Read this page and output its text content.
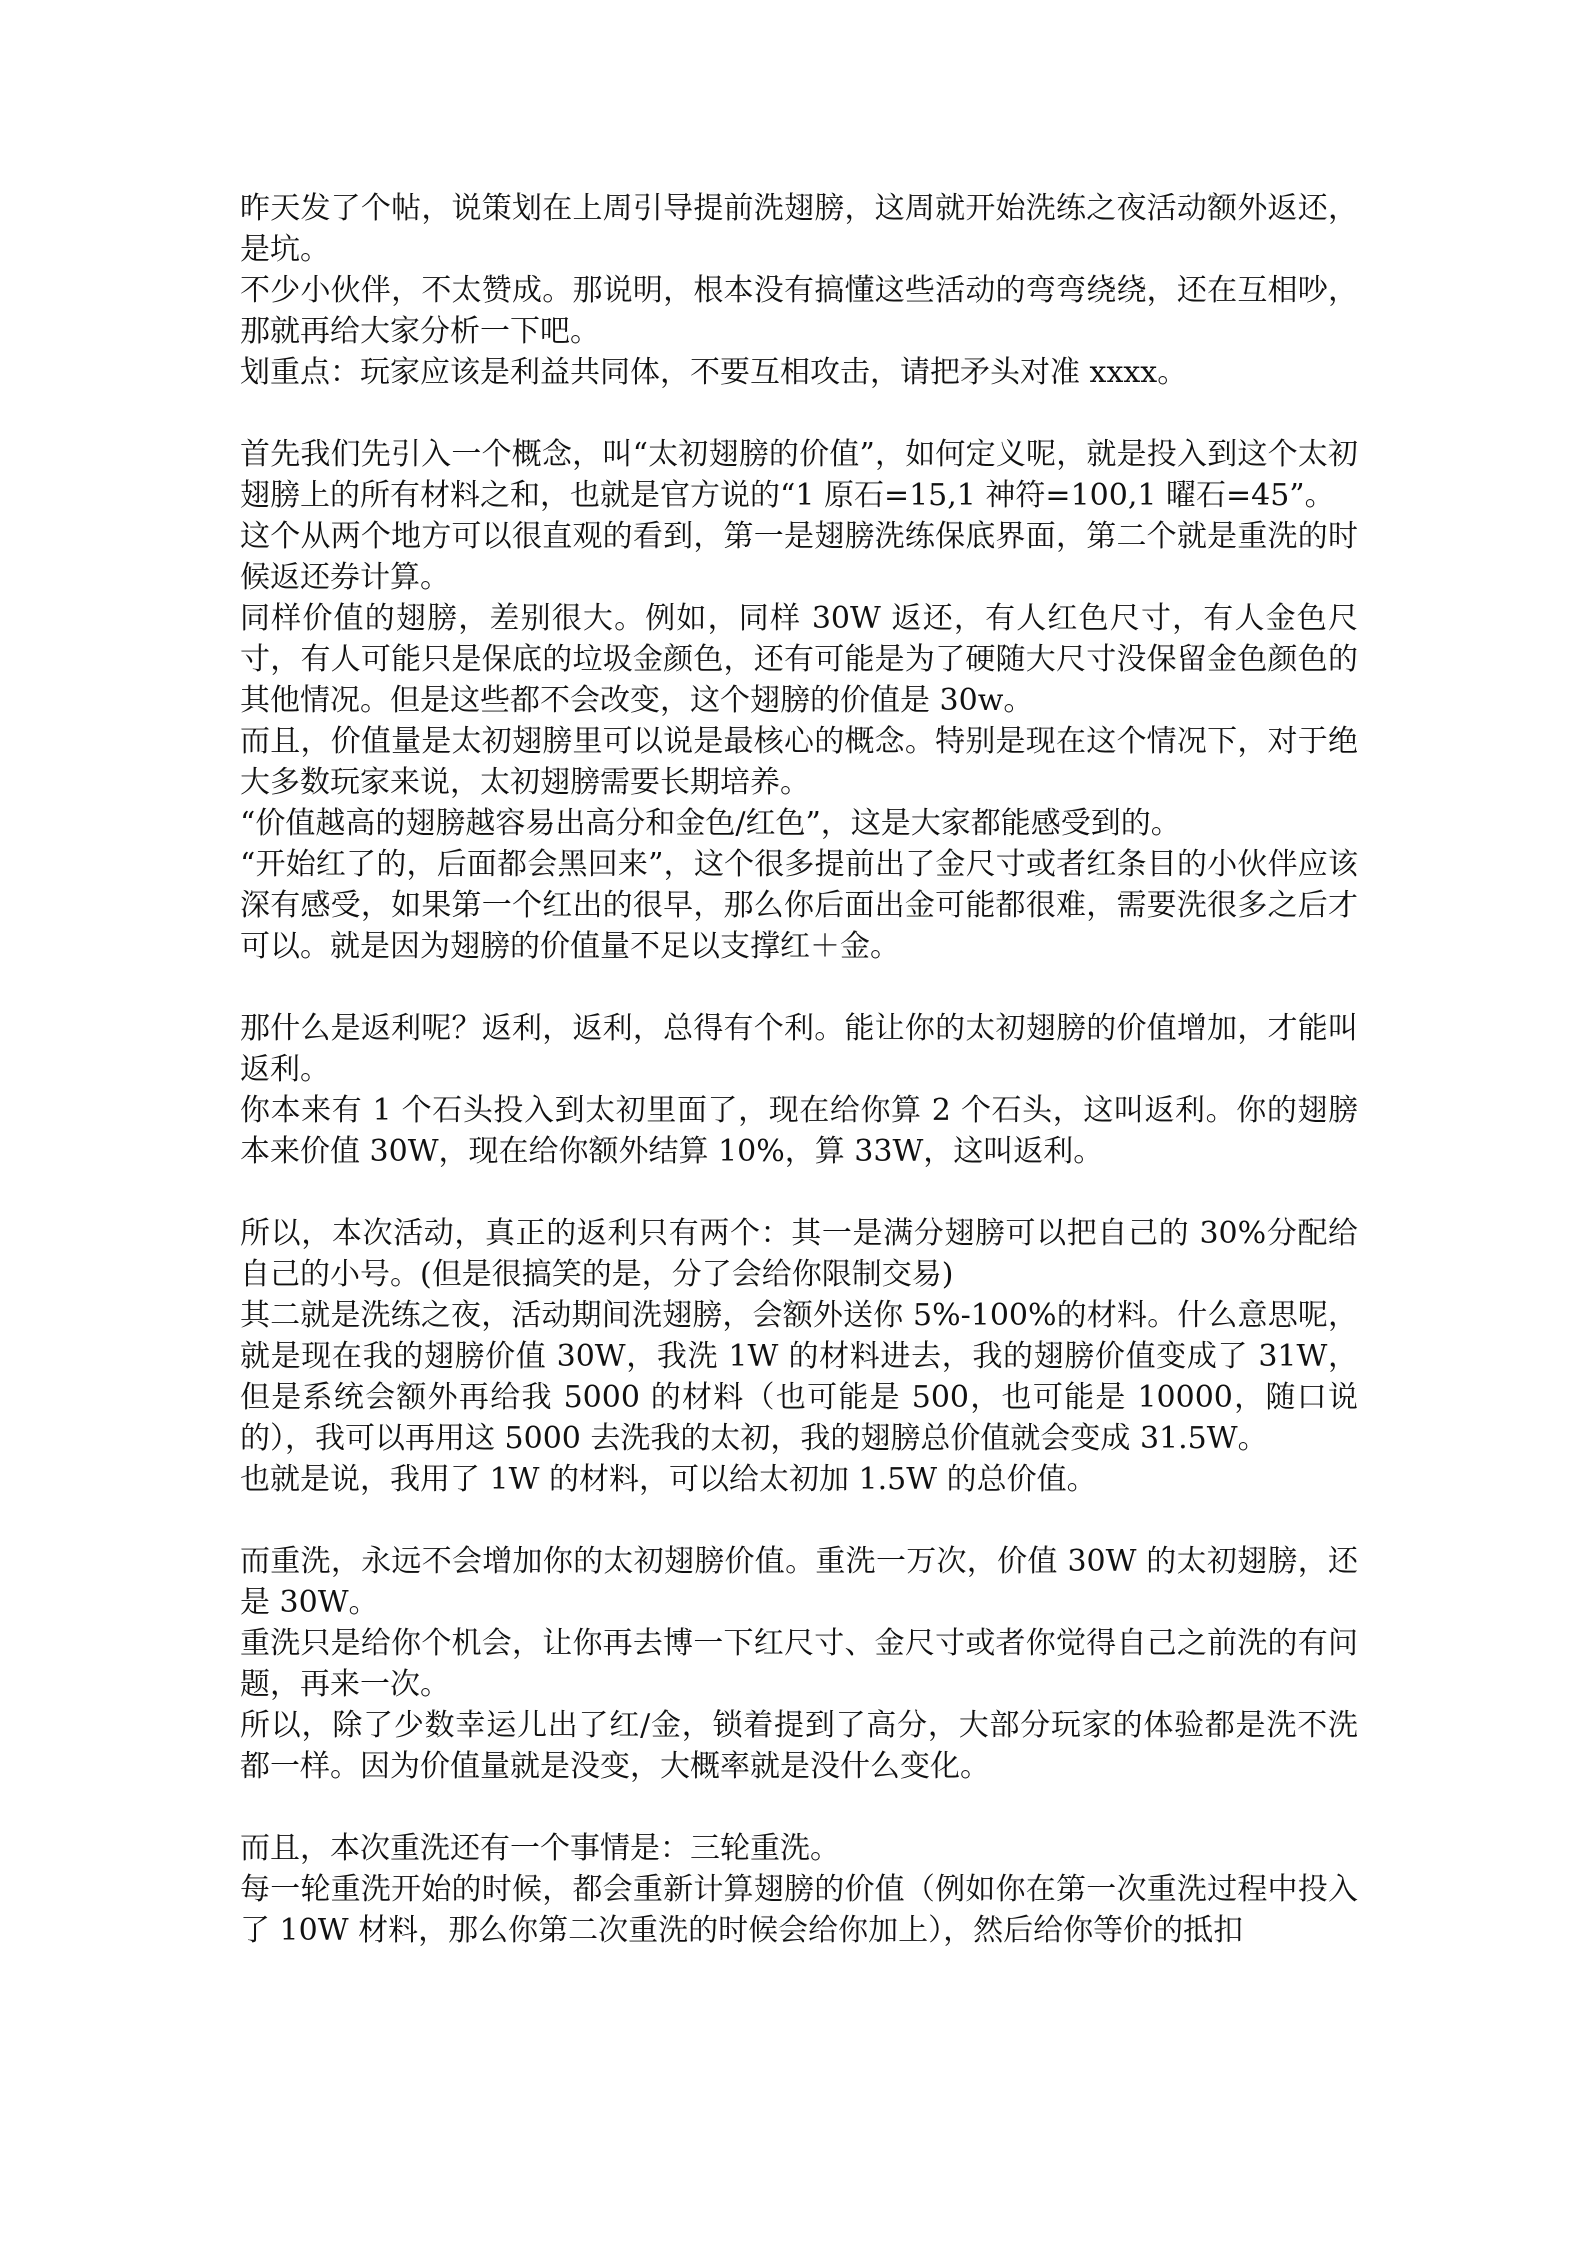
昨天发了个帖，说策划在上周引导提前洗翅膀，这周就开始洗练之夜活动额外返还，是坑。

不少小伙伴，不太赞成。那说明，根本没有搞懂这些活动的弯弯绕绕，还在互相吵，那就再给大家分析一下吧。

划重点：玩家应该是利益共同体，不要互相攻击，请把矛头对准 xxxx。

首先我们先引入一个概念，叫“太初翅膀的价值”，如何定义呢，就是投入到这个太初翅膀上的所有材料之和，也就是官方说的“1 原石=15,1 神符=100,1 曜石=45”。

这个从两个地方可以很直观的看到，第一是翅膀洗练保底界面，第二个就是重洗的时候返还券计算。

同样价值的翅膀，差别很大。例如，同样 30W 返还，有人红色尺寸，有人金色尺寸，有人可能只是保底的垃圾金颜色，还有可能是为了硬随大尺寸没保留金色颜色的其他情况。但是这些都不会改变，这个翅膀的价值是 30w。

而且，价值量是太初翅膀里可以说是最核心的概念。特别是现在这个情况下，对于绝大多数玩家来说，太初翅膀需要长期培养。

“价值越高的翅膀越容易出高分和金色/红色”，这是大家都能感受到的。

“开始红了的，后面都会黑回来”，这个很多提前出了金尺寸或者红条目的小伙伴应该深有感受，如果第一个红出的很早，那么你后面出金可能都很难，需要洗很多之后才可以。就是因为翅膀的价值量不足以支撑红＋金。

那什么是返利呢？返利，返利，总得有个利。能让你的太初翅膀的价值增加，才能叫返利。

你本来有 1 个石头投入到太初里面了，现在给你算 2 个石头，这叫返利。你的翅膀本来价值 30W，现在给你额外结算 10%，算 33W，这叫返利。

所以，本次活动，真正的返利只有两个：其一是满分翅膀可以把自己的 30%分配给自己的小号。(但是很搞笑的是，分了会给你限制交易)

其二就是洗练之夜，活动期间洗翅膀，会额外送你 5%-100%的材料。什么意思呢，就是现在我的翅膀价值 30W，我洗 1W 的材料进去，我的翅膀价值变成了 31W，但是系统会额外再给我 5000 的材料（也可能是 500，也可能是 10000，随口说的），我可以再用这 5000 去洗我的太初，我的翅膀总价值就会变成 31.5W。

也就是说，我用了 1W 的材料，可以给太初加 1.5W 的总价值。

而重洗，永远不会增加你的太初翅膀价值。重洗一万次，价值 30W 的太初翅膀，还是 30W。

重洗只是给你个机会，让你再去博一下红尺寸、金尺寸或者你觉得自己之前洗的有问题，再来一次。

所以，除了少数幸运儿出了红/金，锁着提到了高分，大部分玩家的体验都是洗不洗都一样。因为价值量就是没变，大概率就是没什么变化。

而且，本次重洗还有一个事情是：三轮重洗。

每一轮重洗开始的时候，都会重新计算翅膀的价值（例如你在第一次重洗过程中投入了 10W 材料，那么你第二次重洗的时候会给你加上），然后给你等价的抵扣
